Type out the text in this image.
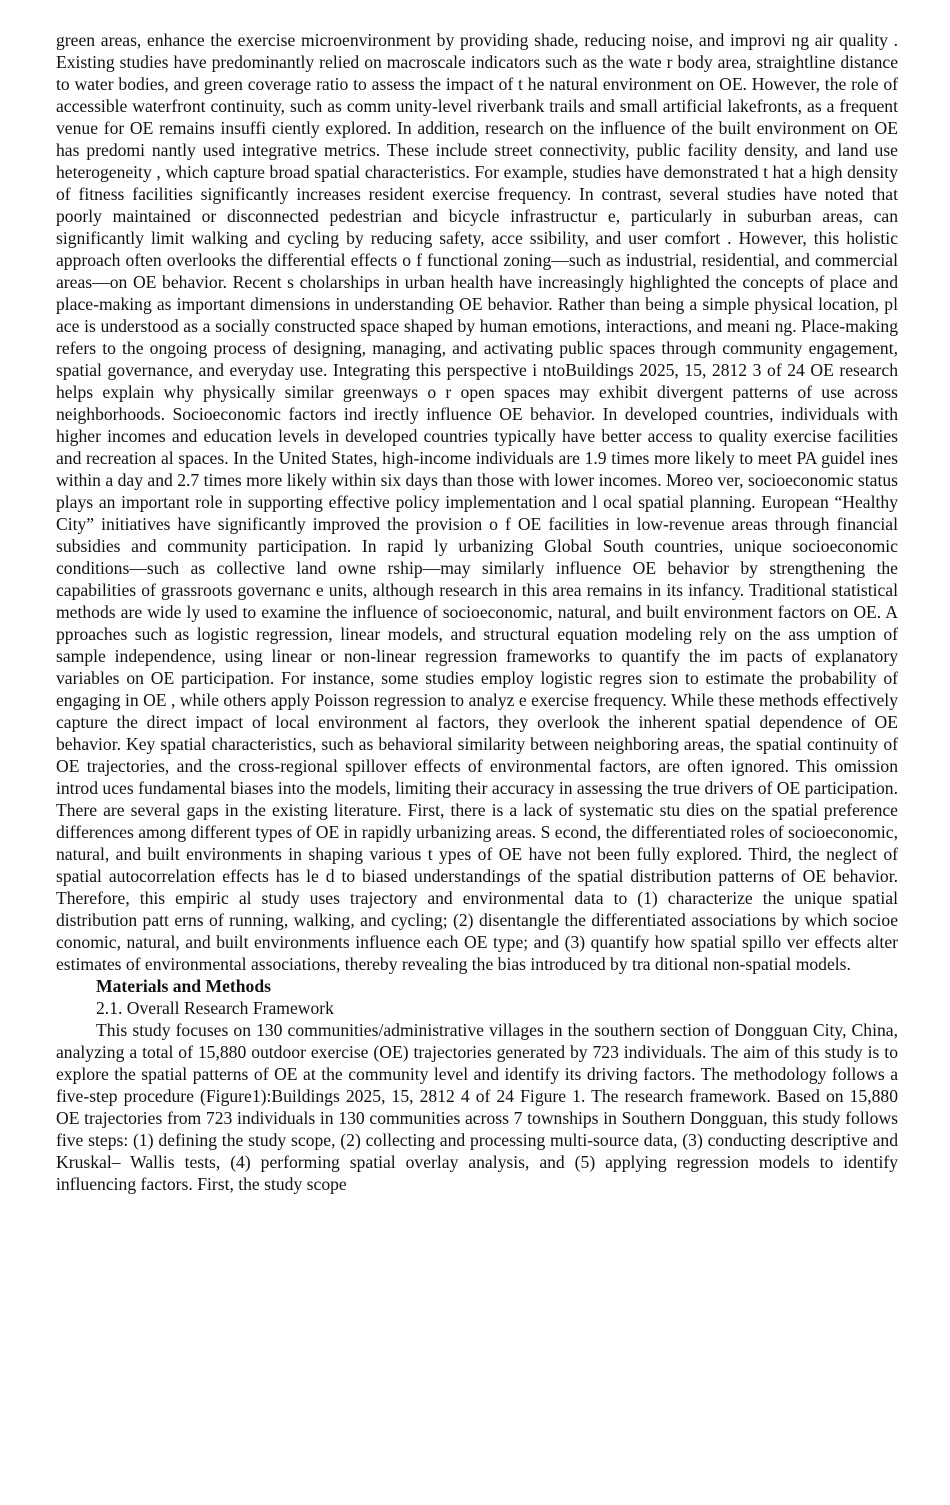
green areas, enhance the exercise microenvironment by providing shade, reducing noise, and improvi ng air quality . Existing studies have predominantly relied on macroscale indicators such as the wate r body area, straightline distance to water bodies, and green coverage ratio to assess the impact of t he natural environment on OE. However, the role of accessible waterfront continuity, such as comm unity-level riverbank trails and small artificial lakefronts, as a frequent venue for OE remains insuffi ciently explored. In addition, research on the influence of the built environment on OE has predomi nantly used integrative metrics. These include street connectivity, public facility density, and land use heterogeneity , which capture broad spatial characteristics. For example, studies have demonstrated t hat a high density of fitness facilities significantly increases resident exercise frequency. In contrast, several studies have noted that poorly maintained or disconnected pedestrian and bicycle infrastructur e, particularly in suburban areas, can significantly limit walking and cycling by reducing safety, acce ssibility, and user comfort . However, this holistic approach often overlooks the differential effects o f functional zoning—such as industrial, residential, and commercial areas—on OE behavior. Recent s cholarships in urban health have increasingly highlighted the concepts of place and place-making as important dimensions in understanding OE behavior. Rather than being a simple physical location, pl ace is understood as a socially constructed space shaped by human emotions, interactions, and meani ng. Place-making refers to the ongoing process of designing, managing, and activating public spaces through community engagement, spatial governance, and everyday use. Integrating this perspective i ntoBuildings 2025, 15, 2812 3 of 24 OE research helps explain why physically similar greenways o r open spaces may exhibit divergent patterns of use across neighborhoods. Socioeconomic factors ind irectly influence OE behavior. In developed countries, individuals with higher incomes and education levels in developed countries typically have better access to quality exercise facilities and recreation al spaces. In the United States, high-income individuals are 1.9 times more likely to meet PA guidel ines within a day and 2.7 times more likely within six days than those with lower incomes. Moreo ver, socioeconomic status plays an important role in supporting effective policy implementation and l ocal spatial planning. European “Healthy City” initiatives have significantly improved the provision o f OE facilities in low-revenue areas through financial subsidies and community participation. In rapid ly urbanizing Global South countries, unique socioeconomic conditions—such as collective land owne rship—may similarly influence OE behavior by strengthening the capabilities of grassroots governanc e units, although research in this area remains in its infancy. Traditional statistical methods are wide ly used to examine the influence of socioeconomic, natural, and built environment factors on OE. A pproaches such as logistic regression, linear models, and structural equation modeling rely on the ass umption of sample independence, using linear or non-linear regression frameworks to quantify the im pacts of explanatory variables on OE participation. For instance, some studies employ logistic regres sion to estimate the probability of engaging in OE , while others apply Poisson regression to analyz e exercise frequency. While these methods effectively capture the direct impact of local environment al factors, they overlook the inherent spatial dependence of OE behavior. Key spatial characteristics, such as behavioral similarity between neighboring areas, the spatial continuity of OE trajectories, and the cross-regional spillover effects of environmental factors, are often ignored. This omission introd uces fundamental biases into the models, limiting their accuracy in assessing the true drivers of OE participation. There are several gaps in the existing literature. First, there is a lack of systematic stu dies on the spatial preference differences among different types of OE in rapidly urbanizing areas. S econd, the differentiated roles of socioeconomic, natural, and built environments in shaping various t ypes of OE have not been fully explored. Third, the neglect of spatial autocorrelation effects has le d to biased understandings of the spatial distribution patterns of OE behavior. Therefore, this empiric al study uses trajectory and environmental data to (1) characterize the unique spatial distribution patt erns of running, walking, and cycling; (2) disentangle the differentiated associations by which socioe conomic, natural, and built environments influence each OE type; and (3) quantify how spatial spillo ver effects alter estimates of environmental associations, thereby revealing the bias introduced by tra ditional non-spatial models.

Materials and Methods

2.1. Overall Research Framework

This study focuses on 130 communities/administrative villages in the southern section of Dongguan City, China, analyzing a total of 15,880 outdoor exercise (OE) trajectories generated by 723 individuals. The aim of this study is to explore the spatial patterns of OE at the community level and identify its driving factors. The methodology follows a five-step procedure (Figure1):Buildings 2025, 15, 2812 4 of 24 Figure 1. The research framework. Based on 15,880 OE trajectories from 723 individuals in 130 communities across 7 townships in Southern Dongguan, this study follows five steps: (1) defining the study scope, (2) collecting and processing multi-source data, (3) conducting descriptive and Kruskal– Wallis tests, (4) performing spatial overlay analysis, and (5) applying regression models to identify influencing factors. First, the study scope
